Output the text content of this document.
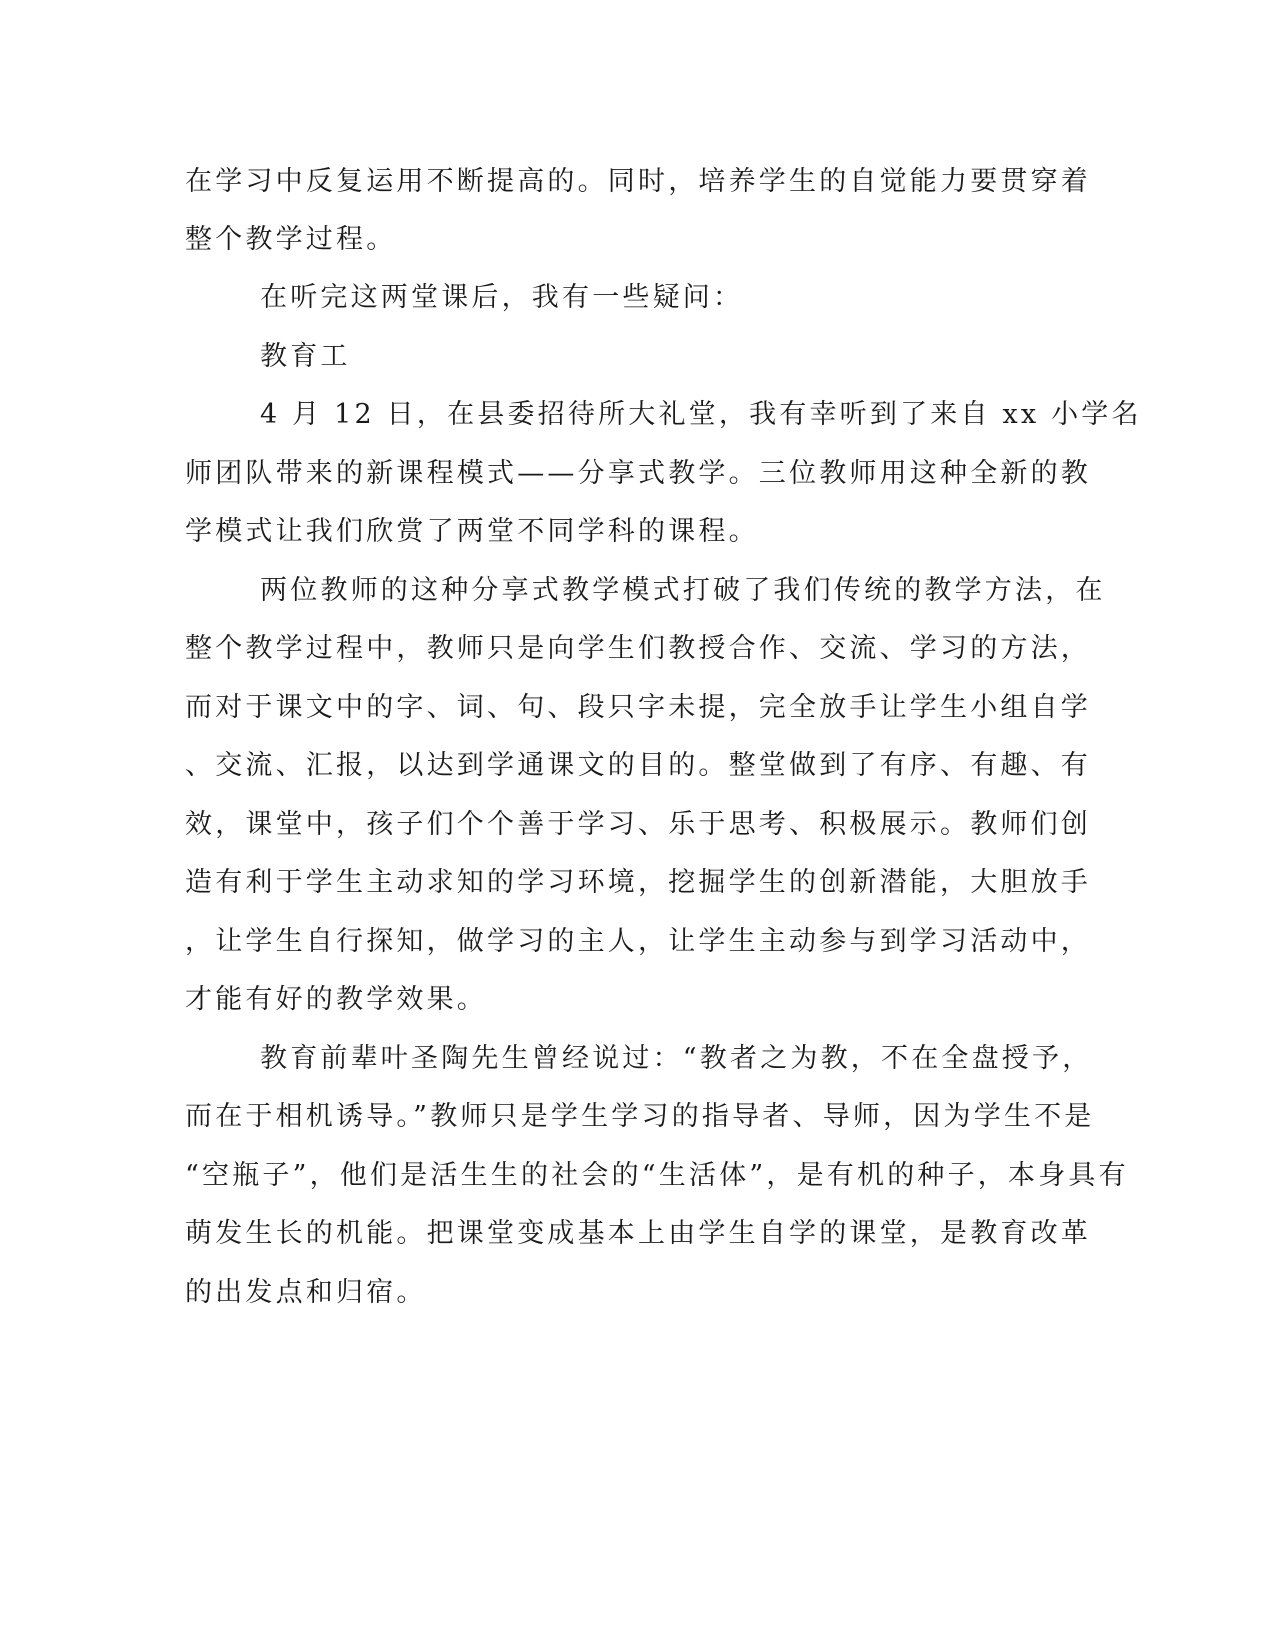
在学习中反复运用不断提高的。同时，培养学生的自觉能力要贯穿着

整个教学过程。

在听完这两堂课后，我有一些疑问：

教育工

4 月 12 日，在县委招待所大礼堂，我有幸听到了来自 xx 小学名

师团队带来的新课程模式——分享式教学。三位教师用这种全新的教

学模式让我们欣赏了两堂不同学科的课程。

两位教师的这种分享式教学模式打破了我们传统的教学方法，在

整个教学过程中，教师只是向学生们教授合作、交流、学习的方法，

而对于课文中的字、词、句、段只字未提，完全放手让学生小组自学

、交流、汇报，以达到学通课文的目的。整堂做到了有序、有趣、有

效，课堂中，孩子们个个善于学习、乐于思考、积极展示。教师们创

造有利于学生主动求知的学习环境，挖掘学生的创新潜能，大胆放手

，让学生自行探知，做学习的主人，让学生主动参与到学习活动中，

才能有好的教学效果。

教育前辈叶圣陶先生曾经说过：“教者之为教，不在全盘授予，

而在于相机诱导。”教师只是学生学习的指导者、导师，因为学生不是

“空瓶子”，他们是活生生的社会的“生活体”，是有机的种子，本身具有

萌发生长的机能。把课堂变成基本上由学生自学的课堂，是教育改革

的出发点和归宿。
